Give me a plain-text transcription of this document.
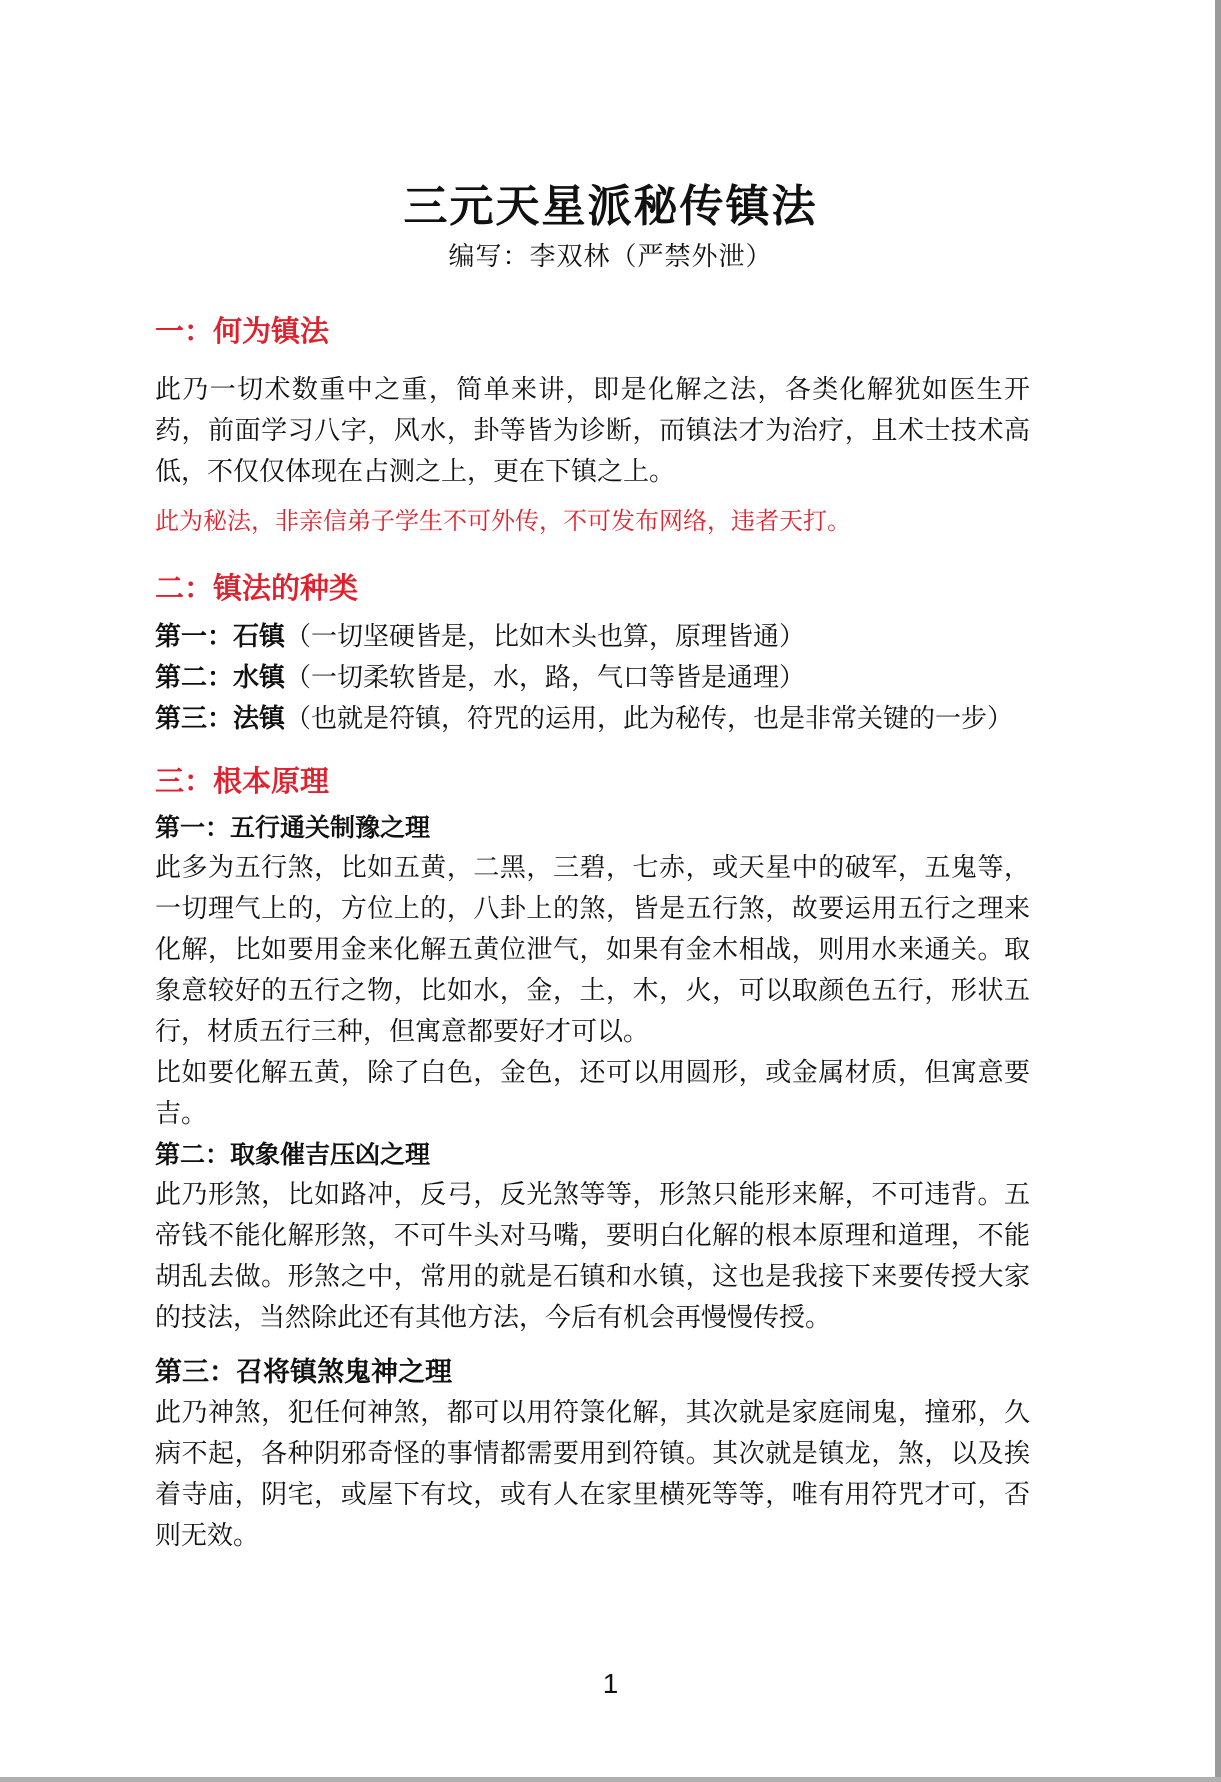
三元天星派秘传镇法
编写：李双林（严禁外泄）
一：何为镇法

此乃一切术数重中之重，简单来讲，即是化解之法，各类化解犹如医生开药，前面学习八字，风水，卦等皆为诊断，而镇法才为治疗，且术士技术高低，不仅仅体现在占测之上，更在下镇之上。

此为秘法，非亲信弟子学生不可外传，不可发布网络，违者天打。

二：镇法的种类

第一：石镇（一切坚硬皆是，比如木头也算，原理皆通）

第二：水镇（一切柔软皆是，水，路，气口等皆是通理）

第三：法镇（也就是符镇，符咒的运用，此为秘传，也是非常关键的一步）

三：根本原理
第一：五行通关制豫之理

此多为五行煞，比如五黄，二黑，三碧，七赤，或天星中的破军，五鬼等，一切理气上的，方位上的，八卦上的煞，皆是五行煞，故要运用五行之理来化解，比如要用金来化解五黄位泄气，如果有金木相战，则用水来通关。取象意较好的五行之物，比如水，金，土，木，火，可以取颜色五行，形状五行，材质五行三种，但寓意都要好才可以。

比如要化解五黄，除了白色，金色，还可以用圆形，或金属材质，但寓意要吉。

第二：取象催吉压凶之理

此乃形煞，比如路冲，反弓，反光煞等等，形煞只能形来解，不可违背。五帝钱不能化解形煞，不可牛头对马嘴，要明白化解的根本原理和道理，不能胡乱去做。形煞之中，常用的就是石镇和水镇，这也是我接下来要传授大家的技法，当然除此还有其他方法，今后有机会再慢慢传授。

第三：召将镇煞鬼神之理

此乃神煞，犯任何神煞，都可以用符箓化解，其次就是家庭闹鬼，撞邪，久病不起，各种阴邪奇怪的事情都需要用到符镇。其次就是镇龙，煞，以及挨着寺庙，阴宅，或屋下有坟，或有人在家里横死等等，唯有用符咒才可，否则无效。

1
